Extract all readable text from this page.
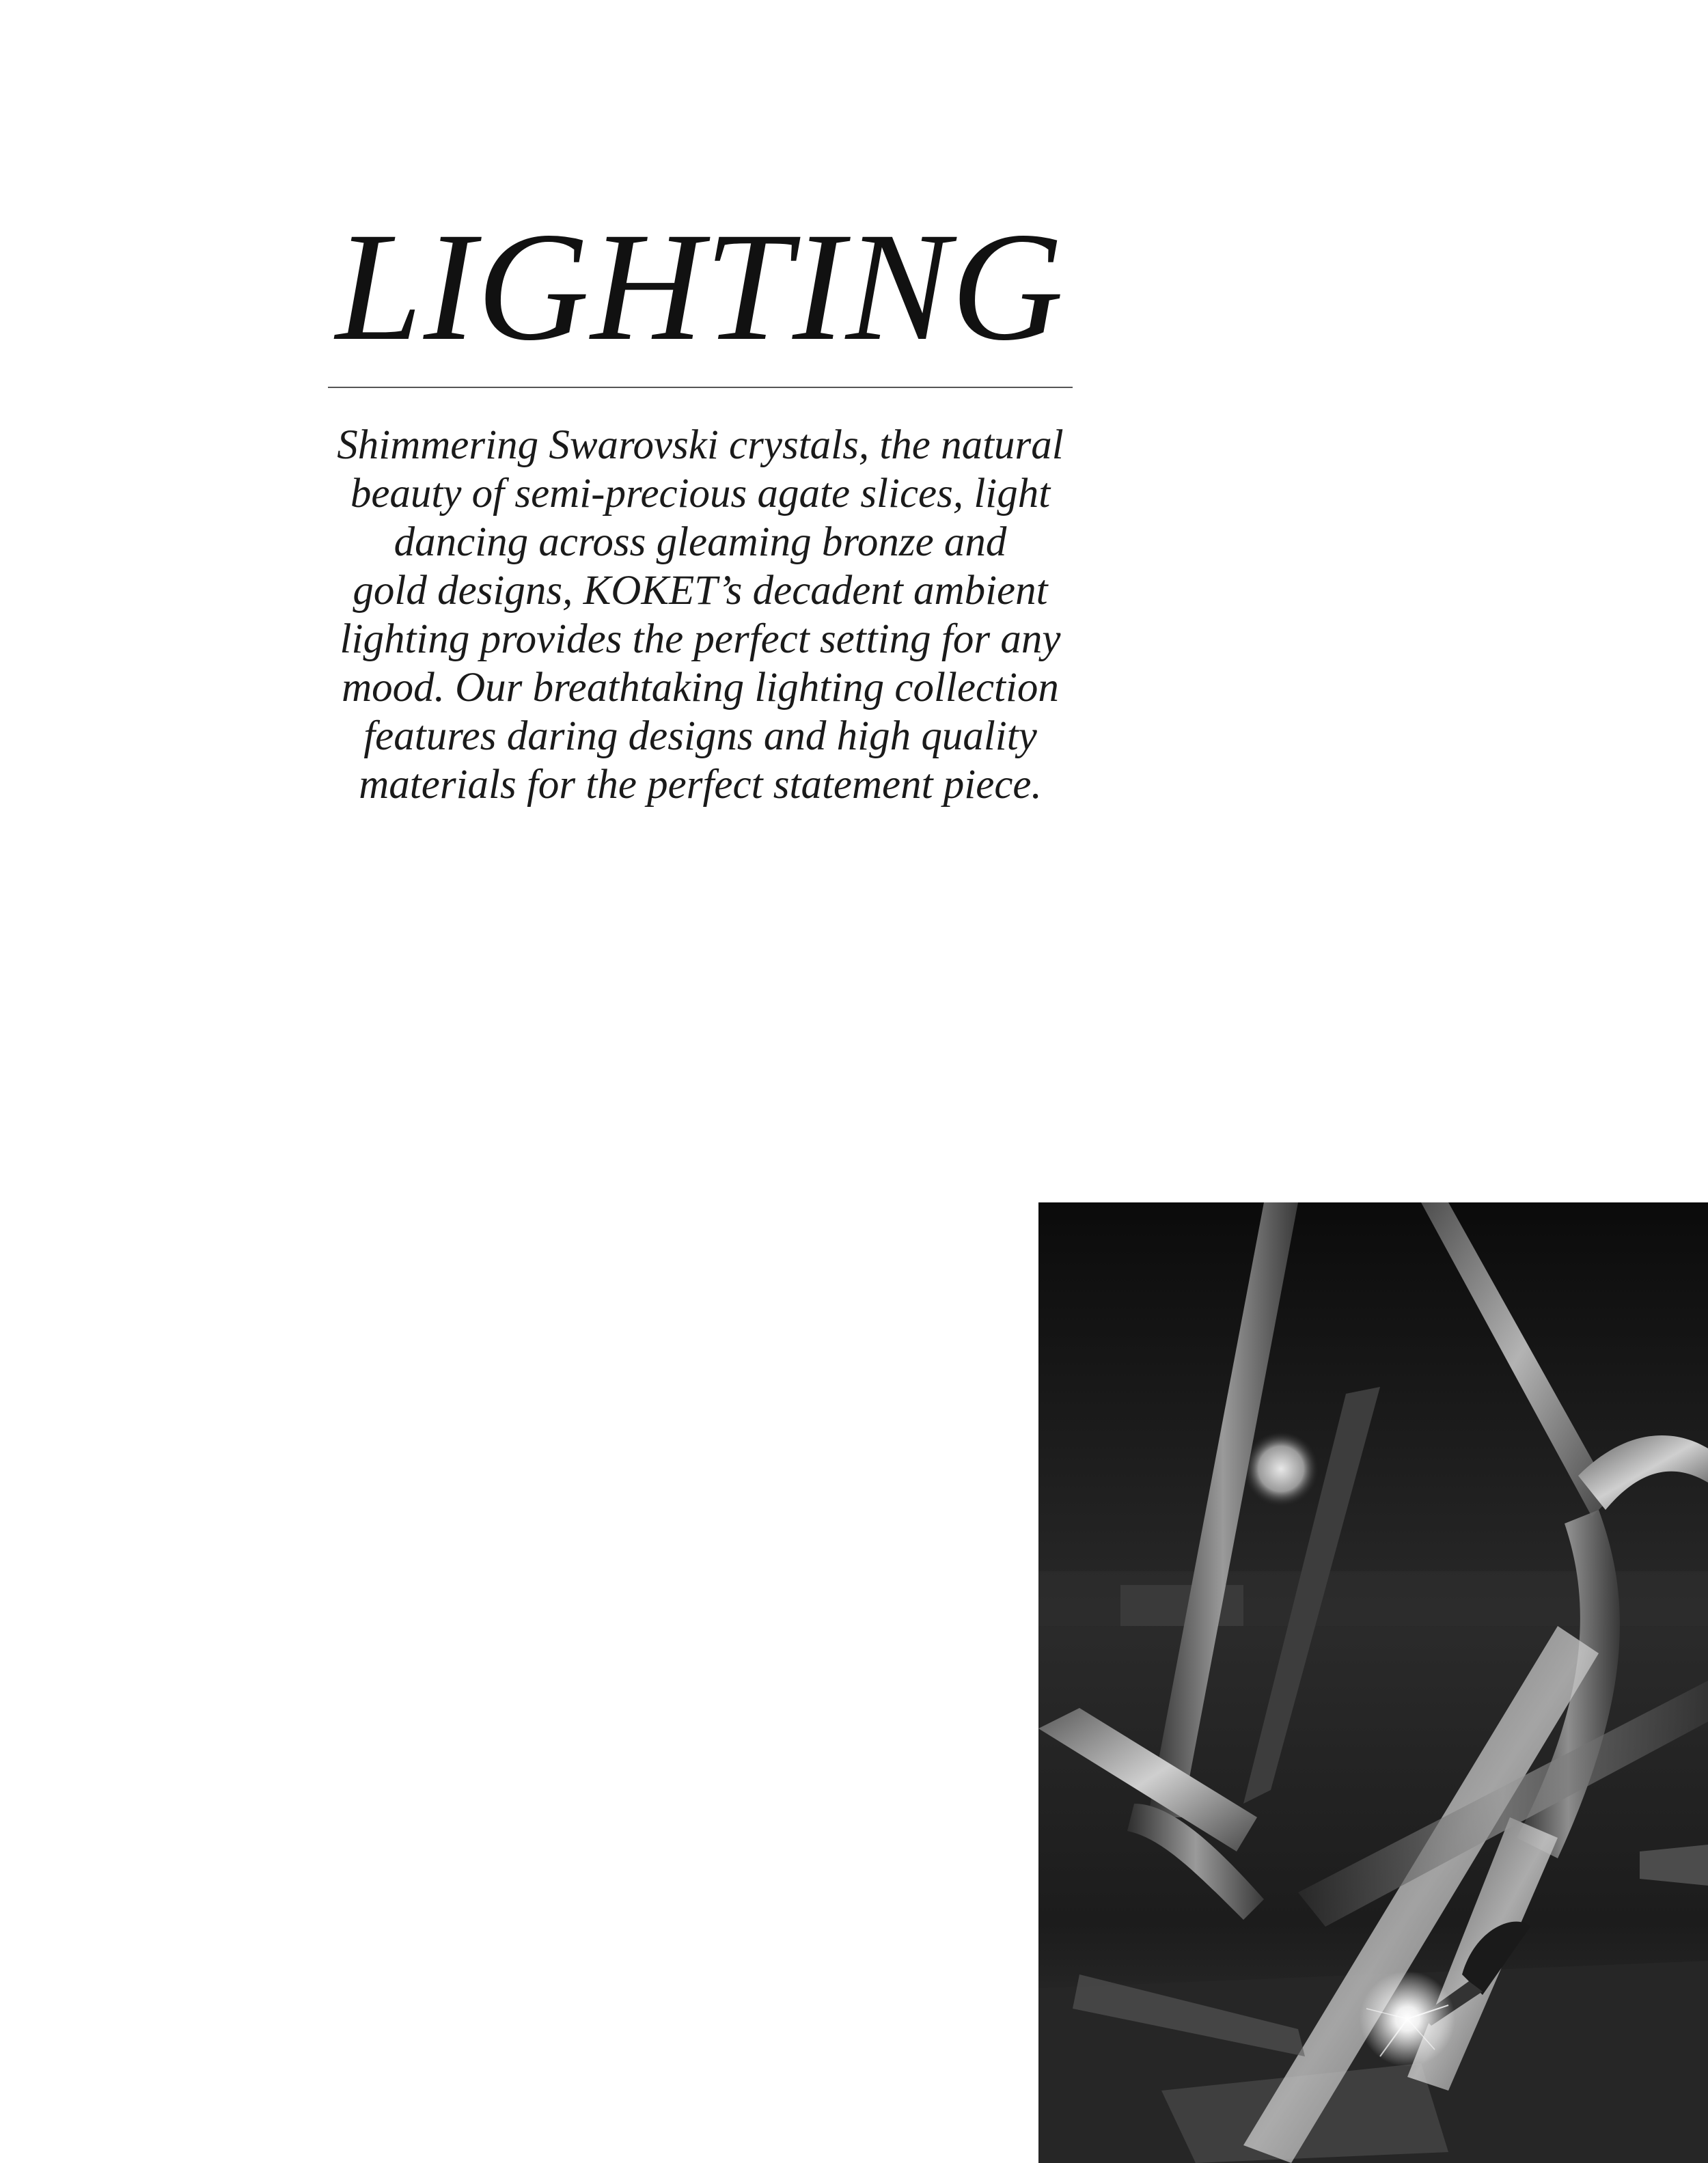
LIGHTING

Shimmering Swarovski crystals, the natural
beauty of semi-precious agate slices, light
dancing across gleaming bronze and
gold designs, KOKET’s decadent ambient
lighting provides the perfect setting for any
mood. Our breathtaking lighting collection
features daring designs and high quality
materials for the perfect statement piece.
